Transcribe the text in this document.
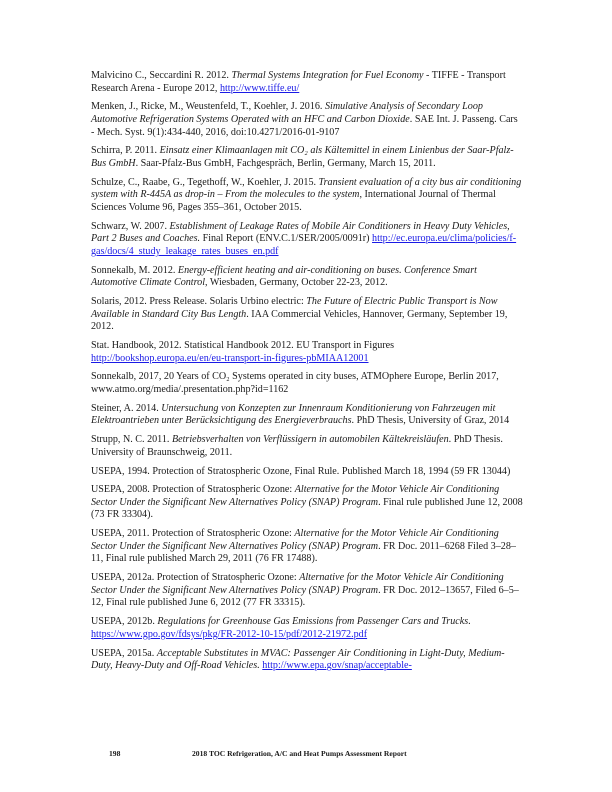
Malvicino C., Seccardini R. 2012. Thermal Systems Integration for Fuel Economy - TIFFE - Transport Research Arena - Europe 2012, http://www.tiffe.eu/
Menken, J., Ricke, M., Weustenfeld, T., Koehler, J. 2016. Simulative Analysis of Secondary Loop Automotive Refrigeration Systems Operated with an HFC and Carbon Dioxide. SAE Int. J. Passeng. Cars - Mech. Syst. 9(1):434-440, 2016, doi:10.4271/2016-01-9107
Schirra, P. 2011. Einsatz einer Klimaanlagen mit CO₂ als Kältemittel in einem Linienbus der Saar-Pfalz-Bus GmbH. Saar-Pfalz-Bus GmbH, Fachgespräch, Berlin, Germany, March 15, 2011.
Schulze, C., Raabe, G., Tegethoff, W., Koehler, J. 2015. Transient evaluation of a city bus air conditioning system with R-445A as drop-in – From the molecules to the system, International Journal of Thermal Sciences Volume 96, Pages 355–361, October 2015.
Schwarz, W. 2007. Establishment of Leakage Rates of Mobile Air Conditioners in Heavy Duty Vehicles, Part 2 Buses and Coaches. Final Report (ENV.C.1/SER/2005/0091r) http://ec.europa.eu/clima/policies/f-gas/docs/4_study_leakage_rates_buses_en.pdf
Sonnekalb, M. 2012. Energy-efficient heating and air-conditioning on buses. Conference Smart Automotive Climate Control, Wiesbaden, Germany, October 22-23, 2012.
Solaris, 2012. Press Release. Solaris Urbino electric: The Future of Electric Public Transport is Now Available in Standard City Bus Length. IAA Commercial Vehicles, Hannover, Germany, September 19, 2012.
Stat. Handbook, 2012. Statistical Handbook 2012. EU Transport in Figures http://bookshop.europa.eu/en/eu-transport-in-figures-pbMIAA12001
Sonnekalb, 2017, 20 Years of CO₂ Systems operated in city buses, ATMOphere Europe, Berlin 2017, www.atmo.org/media/.presentation.php?id=1162
Steiner, A. 2014. Untersuchung von Konzepten zur Innenraum Konditionierung von Fahrzeugen mit Elektroantrieben unter Berücksichtigung des Energieverbrauchs. PhD Thesis, University of Graz, 2014
Strupp, N. C. 2011. Betriebsverhalten von Verflüssigern in automobilen Kältekreisläufen. PhD Thesis. University of Braunschweig, 2011.
USEPA, 1994. Protection of Stratospheric Ozone, Final Rule. Published March 18, 1994 (59 FR 13044)
USEPA, 2008. Protection of Stratospheric Ozone: Alternative for the Motor Vehicle Air Conditioning Sector Under the Significant New Alternatives Policy (SNAP) Program. Final rule published June 12, 2008 (73 FR 33304).
USEPA, 2011. Protection of Stratospheric Ozone: Alternative for the Motor Vehicle Air Conditioning Sector Under the Significant New Alternatives Policy (SNAP) Program. FR Doc. 2011–6268 Filed 3–28–11, Final rule published March 29, 2011 (76 FR 17488).
USEPA, 2012a. Protection of Stratospheric Ozone: Alternative for the Motor Vehicle Air Conditioning Sector Under the Significant New Alternatives Policy (SNAP) Program. FR Doc. 2012–13657, Filed 6–5–12, Final rule published June 6, 2012 (77 FR 33315).
USEPA, 2012b. Regulations for Greenhouse Gas Emissions from Passenger Cars and Trucks. https://www.gpo.gov/fdsys/pkg/FR-2012-10-15/pdf/2012-21972.pdf
USEPA, 2015a. Acceptable Substitutes in MVAC: Passenger Air Conditioning in Light-Duty, Medium-Duty, Heavy-Duty and Off-Road Vehicles. http://www.epa.gov/snap/acceptable-
198	2018 TOC Refrigeration, A/C and Heat Pumps Assessment Report
